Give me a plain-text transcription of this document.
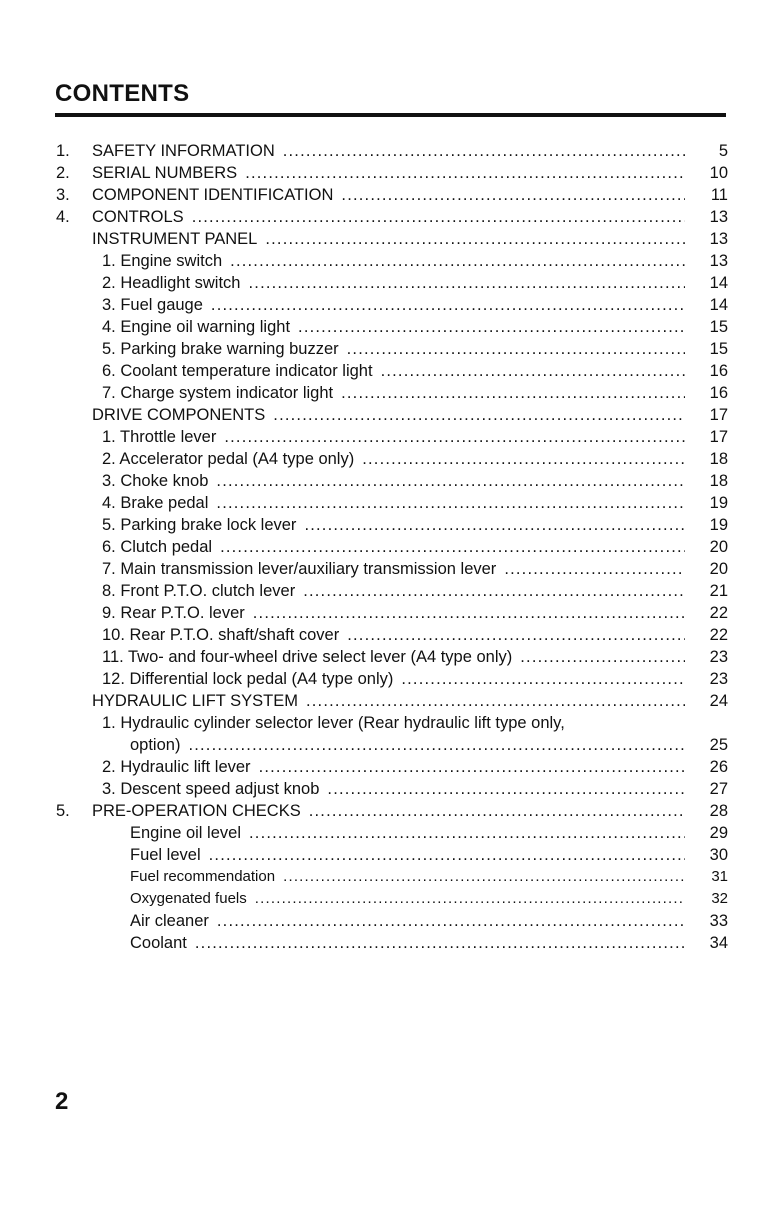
CONTENTS
1. SAFETY INFORMATION .....	5
2. SERIAL NUMBERS .....	10
3. COMPONENT IDENTIFICATION .....	11
4. CONTROLS .....	13
INSTRUMENT PANEL .....	13
1. Engine switch .....	13
2. Headlight switch .....	14
3. Fuel gauge .....	14
4. Engine oil warning light .....	15
5. Parking brake warning buzzer .....	15
6. Coolant temperature indicator light .....	16
7. Charge system indicator light .....	16
DRIVE COMPONENTS .....	17
1. Throttle lever .....	17
2. Accelerator pedal (A4 type only) .....	18
3. Choke knob .....	18
4. Brake pedal .....	19
5. Parking brake lock lever .....	19
6. Clutch pedal .....	20
7. Main transmission lever/auxiliary transmission lever .....	20
8. Front P.T.O. clutch lever .....	21
9. Rear P.T.O. lever .....	22
10. Rear P.T.O. shaft/shaft cover .....	22
11. Two- and four-wheel drive select lever (A4 type only) .....	23
12. Differential lock pedal (A4 type only) .....	23
HYDRAULIC LIFT SYSTEM .....	24
1. Hydraulic cylinder selector lever (Rear hydraulic lift type only,
option) .....	25
2. Hydraulic lift lever .....	26
3. Descent speed adjust knob .....	27
5. PRE-OPERATION CHECKS .....	28
Engine oil level .....	29
Fuel level .....	30
Fuel recommendation .....	31
Oxygenated fuels .....	32
Air cleaner .....	33
Coolant .....	34

2
